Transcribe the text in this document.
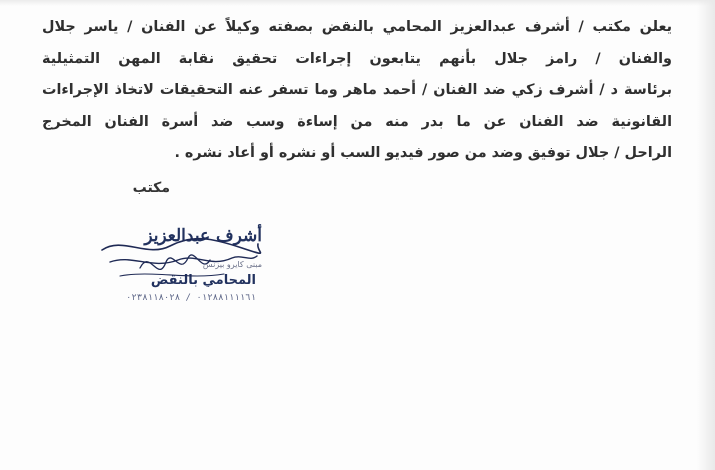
يعلن مكتب / أشرف عبدالعزيز المحامي بالنقض بصفته وكيلاً عن الفنان / ياسر جلال
والفنان / رامز جلال بأنهم يتابعون إجراءات تحقيق نقابة المهن التمثيلية
برئاسة د / أشرف زكي ضد الفنان / أحمد ماهر وما تسفر عنه التحقيقات لاتخاذ الإجراءات
القانونية ضد الفنان عن ما بدر منه من إساءة وسب ضد أسرة الفنان المخرج
الراحل / جلال توفيق وضد من صور فيديو السب أو نشره أو أعاد نشره .
مكتب
أشرف عبدالعزيز
مبنى كايرو بيزنس
المحامي بالنقض
٠١٢٨٨١١١١٦١ / ٠٢٣٨١١٨٠٢٨
